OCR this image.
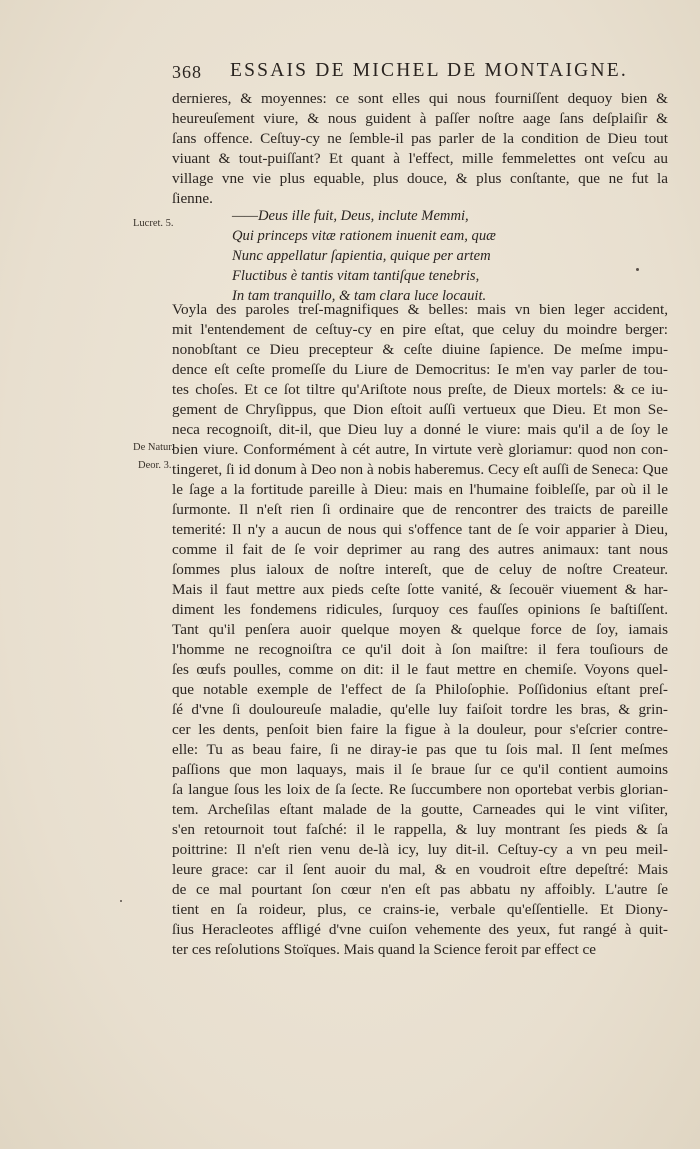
368 ESSAIS DE MICHEL DE MONTAIGNE.
Lucret. 5.
De Natur.
Deor. 3.
dernieres, & moyennes: ce sont elles qui nous fourniſſent dequoy bien &
heureuſement viure, & nous guident à paſſer noſtre aage ſans deſplaiſir &
ſans offence. Ceſtuy-cy ne ſemble-il pas parler de la condition de Dieu tout
viuant & tout-puiſſant? Et quant à l'effect, mille femmelettes ont veſcu au
village vne vie plus equable, plus douce, & plus conſtante, que ne fut la
ſienne.
——Deus ille fuit, Deus, inclute Memmi,
Qui princeps vitæ rationem inuenit eam, quæ
Nunc appellatur ſapientia, quique per artem
Fluctibus è tantis vitam tantiſque tenebris,
In tam tranquillo, & tam clara luce locauit.
Voyla des paroles treſ-magnifiques & belles: mais vn bien leger accident,
mit l'entendement de ceſtuy-cy en pire eſtat, que celuy du moindre berger:
nonobſtant ce Dieu precepteur & ceſte diuine ſapience. De meſme impu-
dence eſt ceſte promeſſe du Liure de Democritus: Ie m'en vay parler de tou-
tes choſes. Et ce ſot tiltre qu'Ariſtote nous preſte, de Dieux mortels: & ce iu-
gement de Chryſippus, que Dion eſtoit auſſi vertueux que Dieu. Et mon Se-
neca recognoiſt, dit-il, que Dieu luy a donné le viure: mais qu'il a de ſoy le
bien viure. Conformément à cét autre, In virtute verè gloriamur: quod non con-
tingeret, ſi id donum à Deo non à nobis haberemus. Cecy eſt auſſi de Seneca: Que
le ſage a la fortitude pareille à Dieu: mais en l'humaine foibleſſe, par où il le
ſurmonte. Il n'eſt rien ſi ordinaire que de rencontrer des traicts de pareille
temerité: Il n'y a aucun de nous qui s'offence tant de ſe voir apparier à Dieu,
comme il fait de ſe voir deprimer au rang des autres animaux: tant nous
ſommes plus ialoux de noſtre intereſt, que de celuy de noſtre Createur.
Mais il faut mettre aux pieds ceſte ſotte vanité, & ſecouër viuement & har-
diment les fondemens ridicules, ſurquoy ces fauſſes opinions ſe baſtiſſent.
Tant qu'il penſera auoir quelque moyen & quelque force de ſoy, iamais
l'homme ne recognoiſtra ce qu'il doit à ſon maiſtre: il fera touſiours de
ſes œufs poulles, comme on dit: il le faut mettre en chemiſe. Voyons quel-
que notable exemple de l'effect de ſa Philoſophie. Poſſidonius eſtant preſ-
ſé d'vne ſi douloureuſe maladie, qu'elle luy faiſoit tordre les bras, & grin-
cer les dents, penſoit bien faire la figue à la douleur, pour s'eſcrier contre-
elle: Tu as beau faire, ſi ne diray-ie pas que tu ſois mal. Il ſent meſmes
paſſions que mon laquays, mais il ſe braue ſur ce qu'il contient aumoins
ſa langue ſous les loix de ſa ſecte. Re ſuccumbere non oportebat verbis glorian-
tem. Archeſilas eſtant malade de la goutte, Carneades qui le vint viſiter,
s'en retournoit tout faſché: il le rappella, & luy montrant ſes pieds & ſa
poittrine: Il n'eſt rien venu de-là icy, luy dit-il. Ceſtuy-cy a vn peu meil-
leure grace: car il ſent auoir du mal, & en voudroit eſtre depeſtré: Mais
de ce mal pourtant ſon cœur n'en eſt pas abbatu ny affoibly. L'autre ſe
tient en ſa roideur, plus, ce crains-ie, verbale qu'eſſentielle. Et Diony-
ſius Heracleotes affligé d'vne cuiſon vehemente des yeux, fut rangé à quit-
ter ces reſolutions Stoïques. Mais quand la Science feroit par effect ce
